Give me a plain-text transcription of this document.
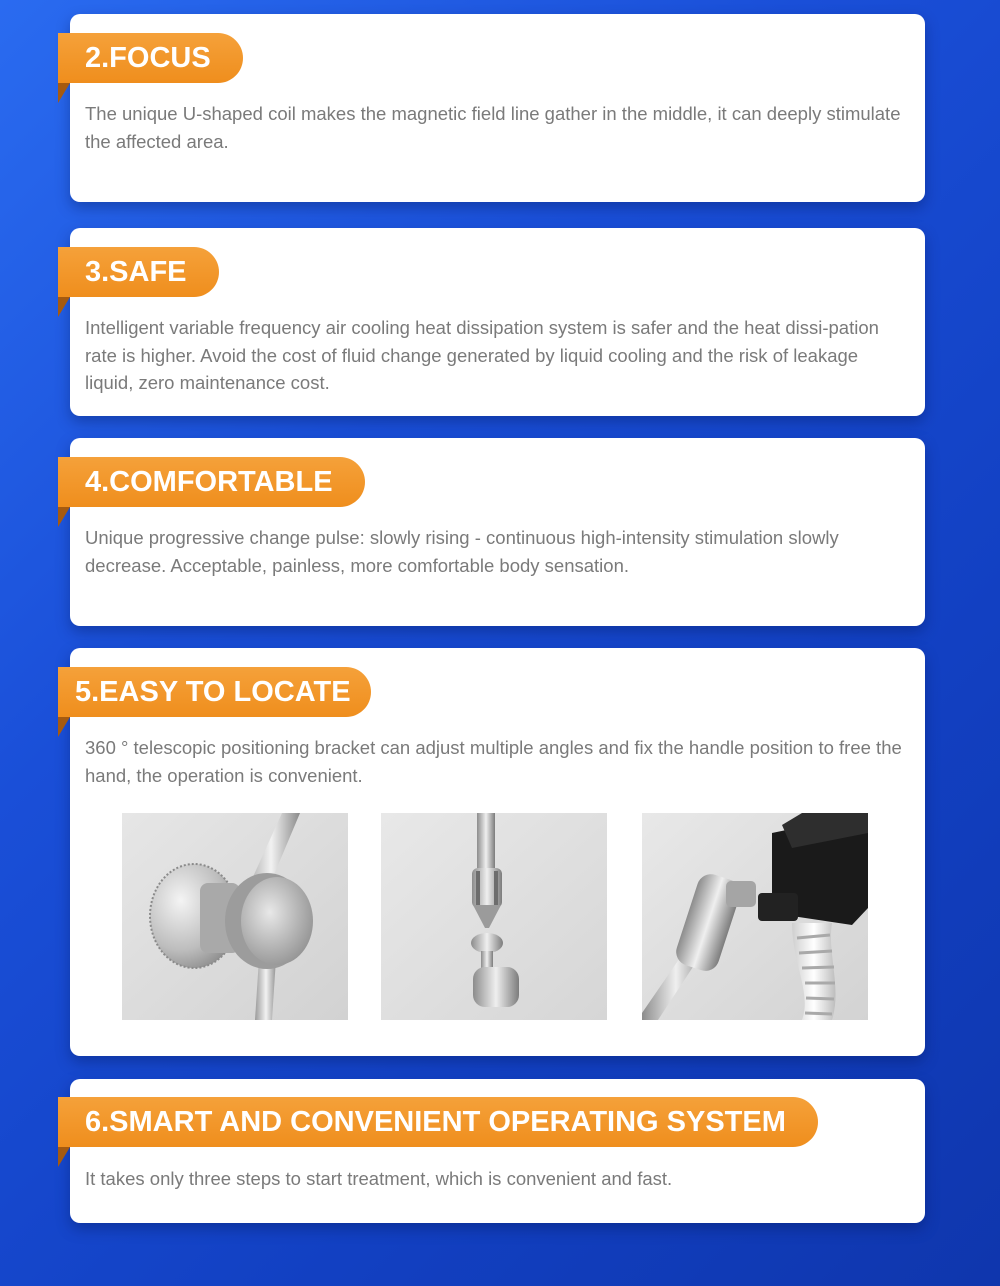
2.FOCUS

The unique U-shaped coil makes the magnetic field line gather in the middle, it can deeply stimulate the affected area.

3.SAFE

Intelligent variable frequency air cooling heat dissipation system is safer and the heat dissi-pation rate is higher. Avoid the cost of fluid change generated by liquid cooling and the risk of leakage liquid, zero maintenance cost.

4.COMFORTABLE

Unique progressive change pulse: slowly rising - continuous high-intensity stimulation slowly decrease. Acceptable, painless, more comfortable body sensation.

5.EASY TO LOCATE

360 ° telescopic positioning bracket can adjust multiple angles and fix the handle position to free the hand, the operation is convenient.

6.SMART AND CONVENIENT OPERATING SYSTEM

It takes only three steps to start treatment, which is convenient and fast.
